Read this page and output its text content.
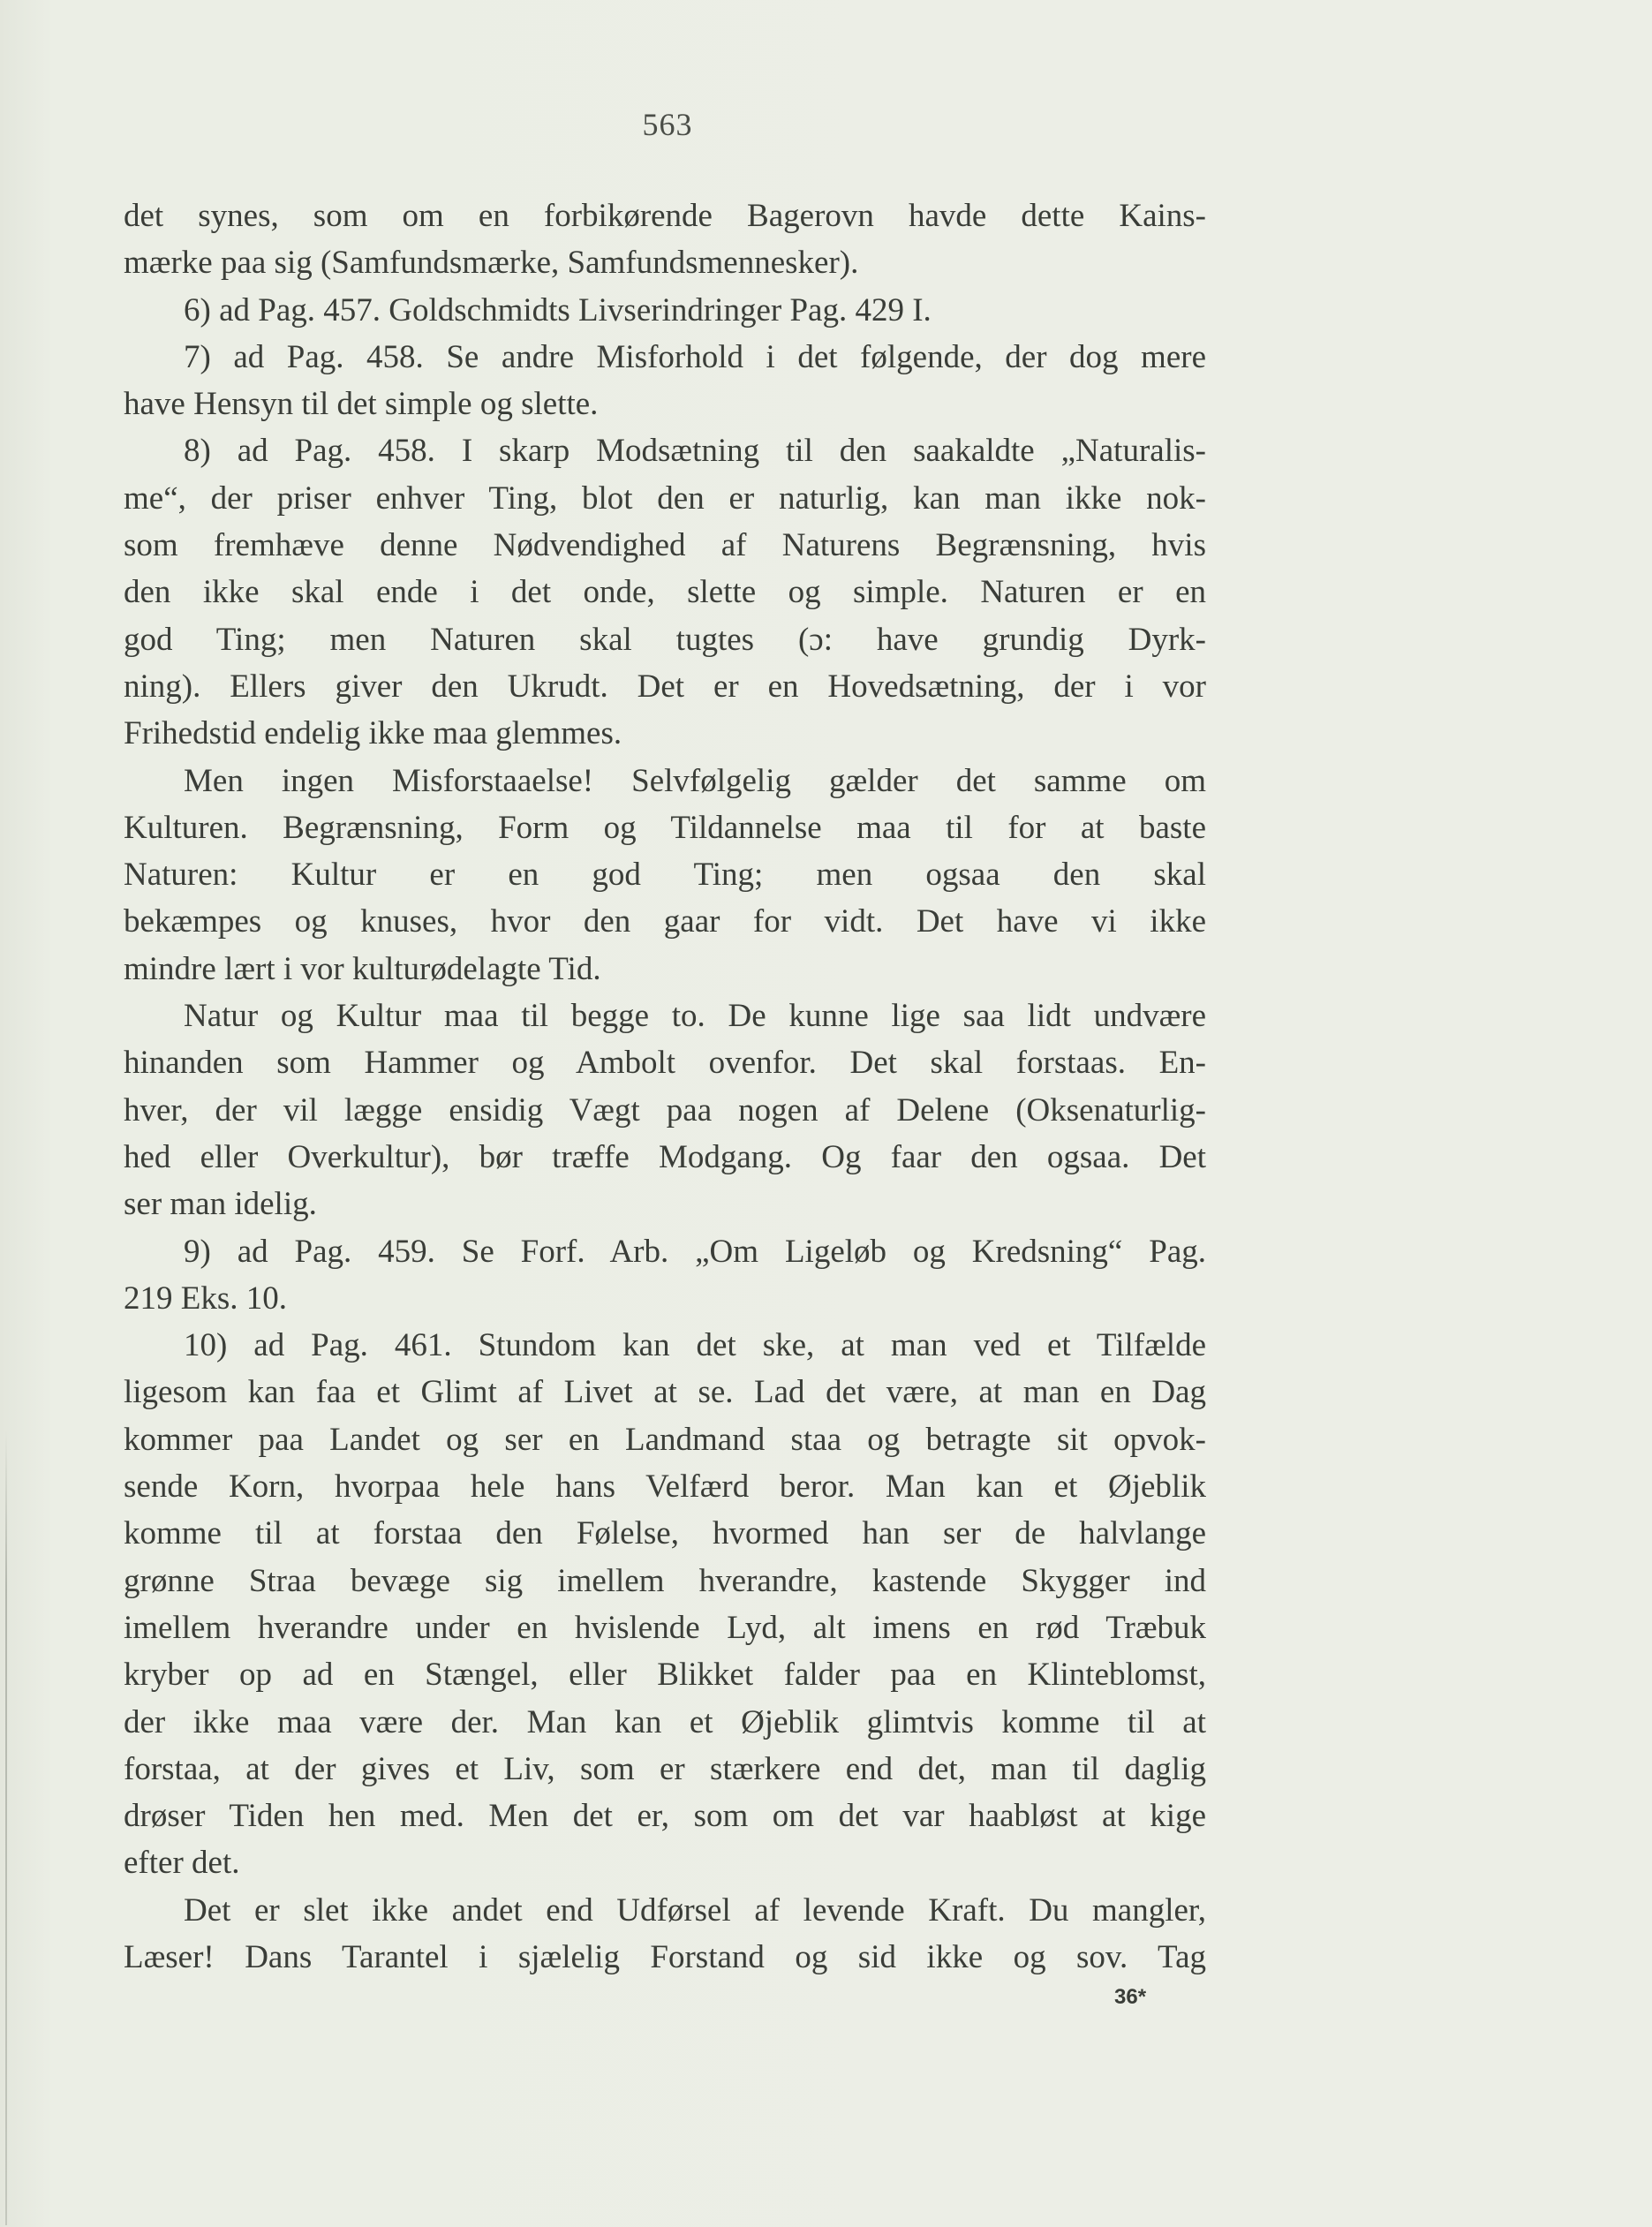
563
det synes, som om en forbikørende Bagerovn havde dette Kains-
mærke paa sig (Samfundsmærke, Samfundsmennesker).
6) ad Pag. 457. Goldschmidts Livserindringer Pag. 429 I.
7) ad Pag. 458. Se andre Misforhold i det følgende, der dog mere
have Hensyn til det simple og slette.
8) ad Pag. 458. I skarp Modsætning til den saakaldte „Naturalis-
me“, der priser enhver Ting, blot den er naturlig, kan man ikke nok-
som fremhæve denne Nødvendighed af Naturens Begrænsning, hvis
den ikke skal ende i det onde, slette og simple. Naturen er en
god Ting; men Naturen skal tugtes (ɔ: have grundig Dyrk-
ning). Ellers giver den Ukrudt. Det er en Hovedsætning, der i vor
Frihedstid endelig ikke maa glemmes.
Men ingen Misforstaaelse! Selvfølgelig gælder det samme om
Kulturen. Begrænsning, Form og Tildannelse maa til for at baste
Naturen: Kultur er en god Ting; men ogsaa den skal
bekæmpes og knuses, hvor den gaar for vidt. Det have vi ikke
mindre lært i vor kulturødelagte Tid.
Natur og Kultur maa til begge to. De kunne lige saa lidt undvære
hinanden som Hammer og Ambolt ovenfor. Det skal forstaas. En-
hver, der vil lægge ensidig Vægt paa nogen af Delene (Oksenaturlig-
hed eller Overkultur), bør træffe Modgang. Og faar den ogsaa. Det
ser man idelig.
9) ad Pag. 459. Se Forf. Arb. „Om Ligeløb og Kredsning“ Pag.
219 Eks. 10.
10) ad Pag. 461. Stundom kan det ske, at man ved et Tilfælde
ligesom kan faa et Glimt af Livet at se. Lad det være, at man en Dag
kommer paa Landet og ser en Landmand staa og betragte sit opvok-
sende Korn, hvorpaa hele hans Velfærd beror. Man kan et Øjeblik
komme til at forstaa den Følelse, hvormed han ser de halvlange
grønne Straa bevæge sig imellem hverandre, kastende Skygger ind
imellem hverandre under en hvislende Lyd, alt imens en rød Træbuk
kryber op ad en Stængel, eller Blikket falder paa en Klinteblomst,
der ikke maa være der. Man kan et Øjeblik glimtvis komme til at
forstaa, at der gives et Liv, som er stærkere end det, man til daglig
drøser Tiden hen med. Men det er, som om det var haabløst at kige
efter det.
Det er slet ikke andet end Udførsel af levende Kraft. Du mangler,
Læser! Dans Tarantel i sjælelig Forstand og sid ikke og sov. Tag
36*
